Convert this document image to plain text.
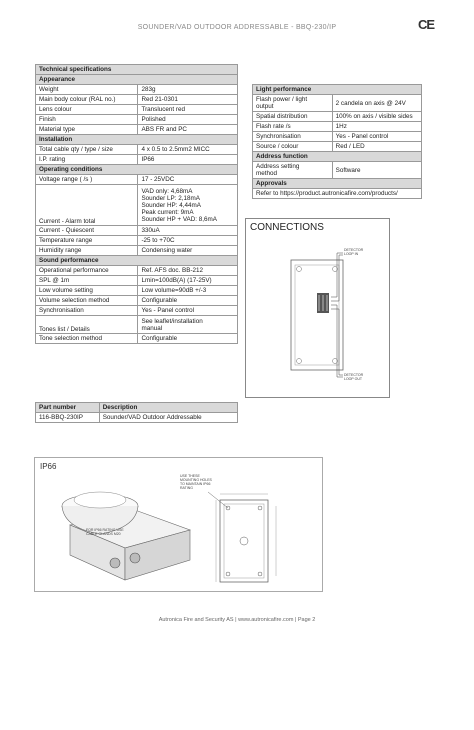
SOUNDER/VAD OUTDOOR ADDRESSABLE - BBQ-230/IP	CE
Technical specifications	
Appearance	
Weight	283g
Main body colour (RAL no.)	Red 21-0301
Lens colour	Translucent red
Finish	Polished
Material type	ABS FR and PC
Installation	
Total cable qty / type / size	4 x 0.5 to 2.5mm2 MICC
I.P. rating	IP66
Operating conditions	
Voltage range ( /s )	17 - 25VDC
Current - Alarm total	VAD only: 4,68mA
Sounder LP: 2,18mA
Sounder HP: 4,44mA
Peak current: 9mA
Sounder HP + VAD: 8,6mA

Current - Quiescent	330uA
Temperature range	-25 to +70C
Humidity range	Condensing water
Sound performance	
Operational performance	Ref. AFS doc. BB-212
SPL @ 1m	Lmin=100dB(A) (17-25V)
Low volume setting	Low volume=90dB +/-3
Volume selection method	Configurable
Synchronisation	Yes - Panel control
Tones list / Details	See leaflet/installation
manual

Tone selection method	Configurable
Light performance	

Flash power / light
output	2 candela on axis @ 24V
Spatial distribution	100% on axis / visible sides
Flash rate /s	1Hz
Synchronisation	Yes - Panel control
Source / colour	Red / LED
Address function	

Address setting
method	Software
Approvals	
Refer to https://product.autronicafire.com/products/	
CONNECTIONS
DETECTOR
LOOP IN
DETECTOR
LOOP OUT
Part number	Description
116-BBQ-230IP	Sounder/VAD Outdoor Addressable
IP66
FOR IP66 RATING USE
CABLE GLANDS M20
USE THESE
MOUNTING HOLES
TO MAINTAIN IP66
RATING
Autronica Fire and Security AS | www.autronicafire.com | Page 2
